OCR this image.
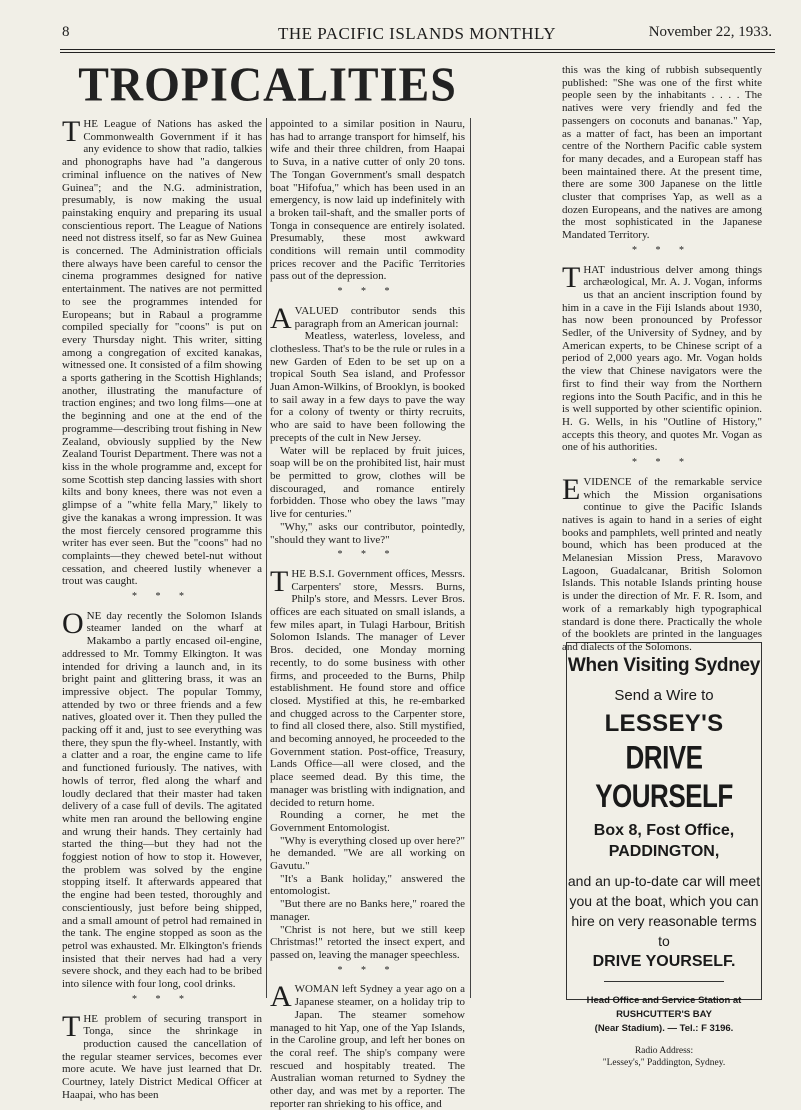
8	THE PACIFIC ISLANDS MONTHLY	November 22, 1933.
TROPICALITIES

THE League of Nations has asked the Commonwealth Government if it has any evidence to show that radio, talkies and phonographs have had "a dangerous criminal influence on the natives of New Guinea"; and the N.G. administration, presumably, is now making the usual painstaking enquiry and preparing its usual conscientious report. The League of Nations need not distress itself, so far as New Guinea is concerned. The Administration officials there always have been careful to censor the cinema programmes designed for native entertainment. The natives are not permitted to see the programmes intended for Europeans; but in Rabaul a programme compiled specially for "coons" is put on every Thursday night. This writer, sitting among a congregation of excited kanakas, witnessed one. It consisted of a film showing a sports gathering in the Scottish Highlands; another, illustrating the manufacture of traction engines; and two long films—one at the beginning and one at the end of the programme—describing trout fishing in New Zealand, obviously supplied by the New Zealand Tourist Department. There was not a kiss in the whole programme and, except for some Scottish step dancing lassies with short kilts and bony knees, there was not even a glimpse of a "white fella Mary," likely to give the kanakas a wrong impression. It was the most fiercely censored programme this writer has ever seen. But the "coons" had no complaints—they chewed betel-nut without cessation, and cheered lustily whenever a trout was caught.

* * *

ONE day recently the Solomon Islands steamer landed on the wharf at Makambo a partly encased oil-engine, addressed to Mr. Tommy Elkington. It was intended for driving a launch and, in its bright paint and glittering brass, it was an impressive object. The popular Tommy, attended by two or three friends and a few natives, gloated over it. Then they pulled the packing off it and, just to see everything was there, they spun the fly-wheel. Instantly, with a clatter and a roar, the engine came to life and functioned furiously. The natives, with howls of terror, fled along the wharf and loudly declared that their master had taken delivery of a case full of devils. The agitated white men ran around the bellowing engine and wrung their hands. They certainly had started the thing—but they had not the foggiest notion of how to stop it. However, the problem was solved by the engine stopping itself. It afterwards appeared that the engine had been tested, thoroughly and conscientiously, just before being shipped, and a small amount of petrol had remained in the tank. The engine stopped as soon as the petrol was exhausted. Mr. Elkington's friends insisted that their nerves had had a very severe shock, and they each had to be bribed into silence with four long, cool drinks.

* * *

THE problem of securing transport in Tonga, since the shrinkage in production caused the cancellation of the regular steamer services, becomes ever more acute. We have just learned that Dr. Courtney, lately District Medical Officer at Haapai, who has been

appointed to a similar position in Nauru, has had to arrange transport for himself, his wife and their three children, from Haapai to Suva, in a native cutter of only 20 tons. The Tongan Government's small despatch boat "Hifofua," which has been used in an emergency, is now laid up indefinitely with a broken tail-shaft, and the smaller ports of Tonga in consequence are entirely isolated. Presumably, these most awkward conditions will remain until commodity prices recover and the Pacific Territories pass out of the depression.

* * *

AVALUED contributor sends this paragraph from an American journal:

Meatless, waterless, loveless, and clothesless. That's to be the rule or rules in a new Garden of Eden to be set up on a tropical South Sea island, and Professor Juan Amon-Wilkins, of Brooklyn, is booked to sail away in a few days to pave the way for a colony of twenty or thirty recruits, who are said to have been following the precepts of the cult in New Jersey.

Water will be replaced by fruit juices, soap will be on the prohibited list, hair must be permitted to grow, clothes will be discouraged, and romance entirely forbidden. Those who obey the laws "may live for centuries."

"Why," asks our contributor, pointedly, "should they want to live?"

* * *

THE B.S.I. Government offices, Messrs. Carpenters' store, Messrs. Burns, Philp's store, and Messrs. Lever Bros. offices are each situated on small islands, a few miles apart, in Tulagi Harbour, British Solomon Islands. The manager of Lever Bros. decided, one Monday morning recently, to do some business with other firms, and proceeded to the Burns, Philp establishment. He found store and office closed. Mystified at this, he re-embarked and chugged across to the Carpenter store, to find all closed there, also. Still mystified, and becoming annoyed, he proceeded to the Government station. Post-office, Treasury, Lands Office—all were closed, and the place seemed dead. By this time, the manager was bristling with indignation, and decided to return home.

Rounding a corner, he met the Government Entomologist.

"Why is everything closed up over here?" he demanded. "We are all working on Gavutu."

"It's a Bank holiday," answered the entomologist.

"But there are no Banks here," roared the manager.

"Christ is not here, but we still keep Christmas!" retorted the insect expert, and passed on, leaving the manager speechless.

* * *

AWOMAN left Sydney a year ago on a Japanese steamer, on a holiday trip to Japan. The steamer somehow managed to hit Yap, one of the Yap Islands, in the Caroline group, and left her bones on the coral reef. The ship's company were rescued and hospitably treated. The Australian woman returned to Sydney the other day, and was met by a reporter. The reporter ran shrieking to his office, and

this was the king of rubbish subsequently published: "She was one of the first white people seen by the inhabitants . . . . The natives were very friendly and fed the passengers on coconuts and bananas." Yap, as a matter of fact, has been an important centre of the Northern Pacific cable system for many decades, and a European staff has been maintained there. At the present time, there are some 300 Japanese on the little cluster that comprises Yap, as well as a dozen Europeans, and the natives are among the most sophisticated in the Japanese Mandated Territory.

* * *

THAT industrious delver among things archæological, Mr. A. J. Vogan, informs us that an ancient inscription found by him in a cave in the Fiji Islands about 1930, has now been pronounced by Professor Sedler, of the University of Sydney, and by American experts, to be Chinese script of a period of 2,000 years ago. Mr. Vogan holds the view that Chinese navigators were the first to find their way from the Northern regions into the South Pacific, and in this he is well supported by other scientific opinion. H. G. Wells, in his "Outline of History," accepts this theory, and quotes Mr. Vogan as one of his authorities.

* * *

EVIDENCE of the remarkable service which the Mission organisations continue to give the Pacific Islands natives is again to hand in a series of eight books and pamphlets, well printed and neatly bound, which has been produced at the Melanesian Mission Press, Maravovo Lagoon, Guadalcanar, British Solomon Islands. This notable Islands printing house is under the direction of Mr. F. R. Isom, and work of a remarkably high typographical standard is done there. Practically the whole of the booklets are printed in the languages and dialects of the Solomons.

When Visiting Sydney
Send a Wire to
LESSEY'S
DRIVE YOURSELF
Box 8, Fost Office,
PADDINGTON,
and an up-to-date car will meet you at the boat, which you can hire on very reasonable terms to
DRIVE YOURSELF.
Head Office and Service Station at
RUSHCUTTER'S BAY
(Near Stadium). — Tel.: F 3196.
Radio Address:
"Lessey's," Paddington, Sydney.
